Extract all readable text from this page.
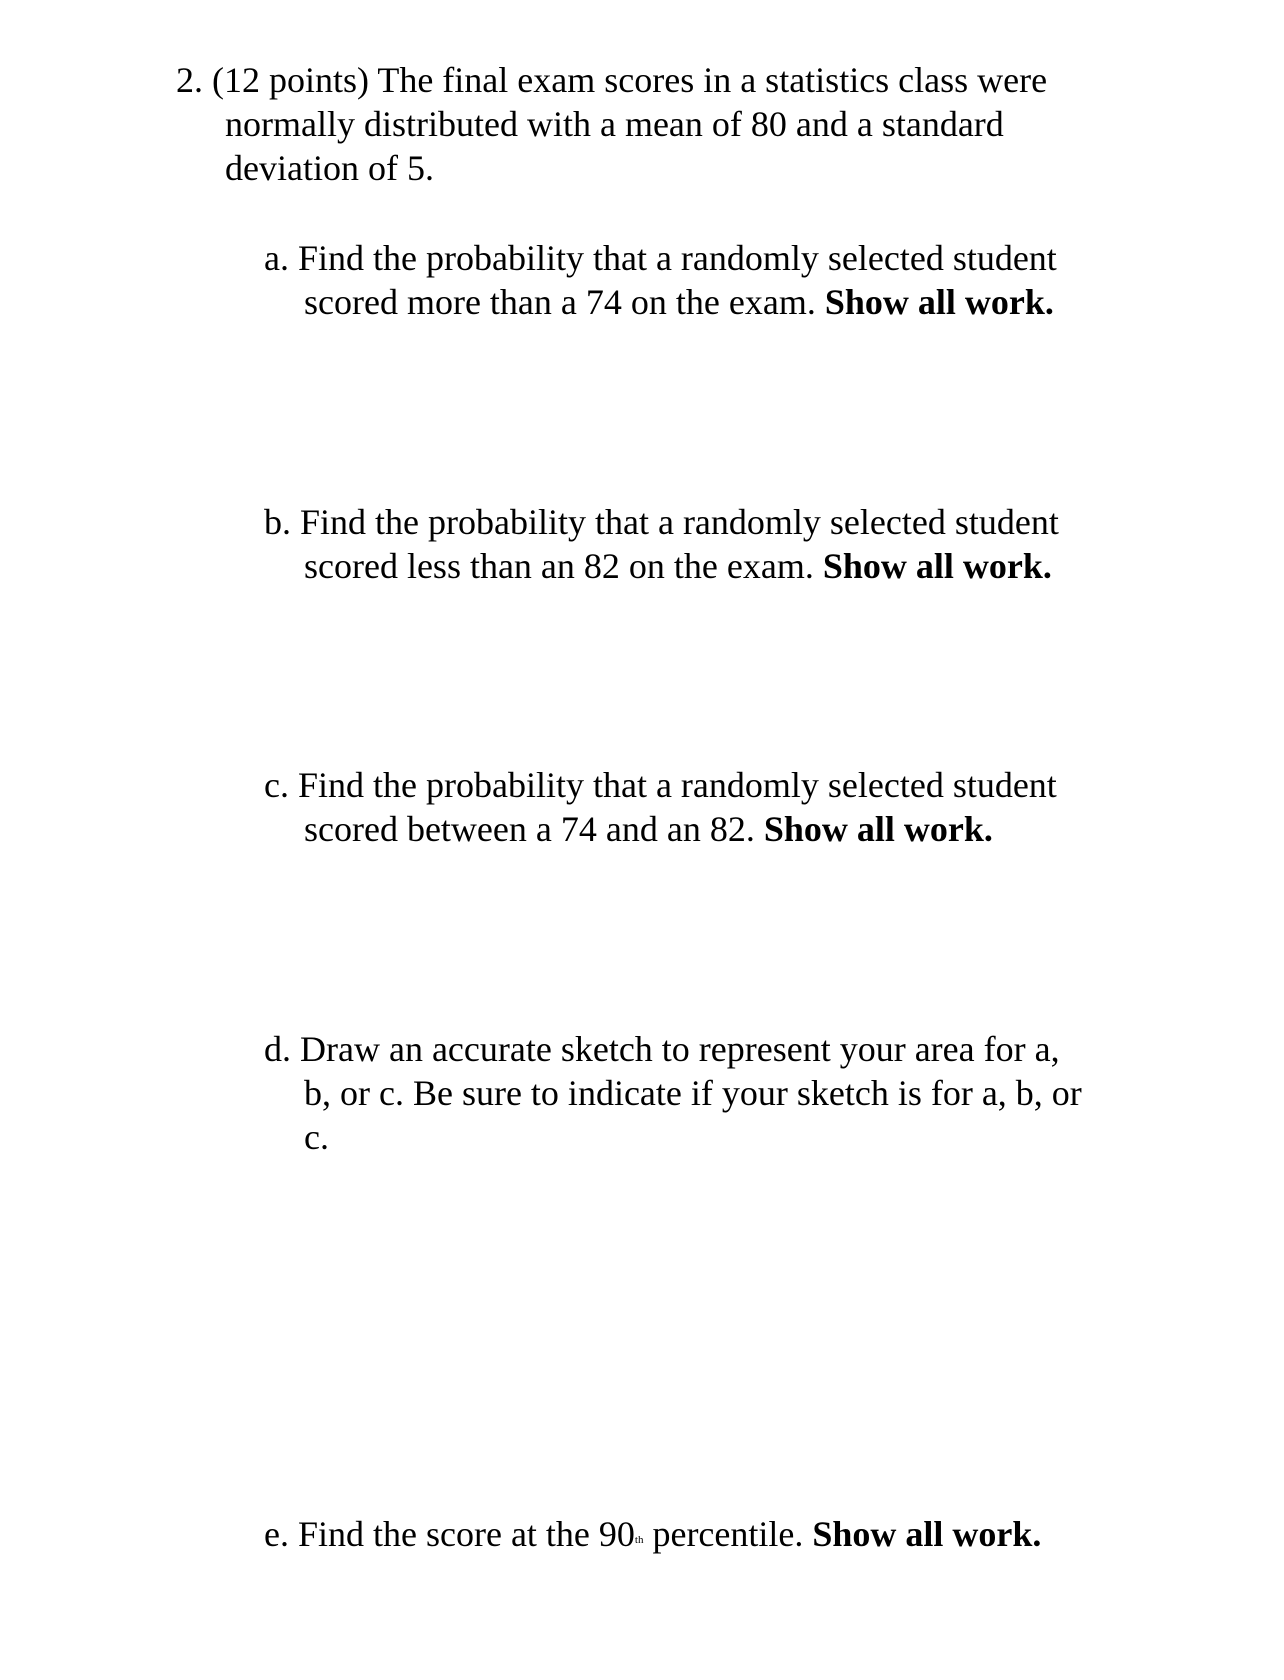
2. (12 points) The final exam scores in a statistics class were
normally distributed with a mean of 80 and a standard
deviation of 5.
a. Find the probability that a randomly selected student
scored more than a 74 on the exam. Show all work.
b. Find the probability that a randomly selected student
scored less than an 82 on the exam. Show all work.
c. Find the probability that a randomly selected student
scored between a 74 and an 82. Show all work.
d. Draw an accurate sketch to represent your area for a,
b, or c. Be sure to indicate if your sketch is for a, b, or
c.
e. Find the score at the 90th percentile. Show all work.
